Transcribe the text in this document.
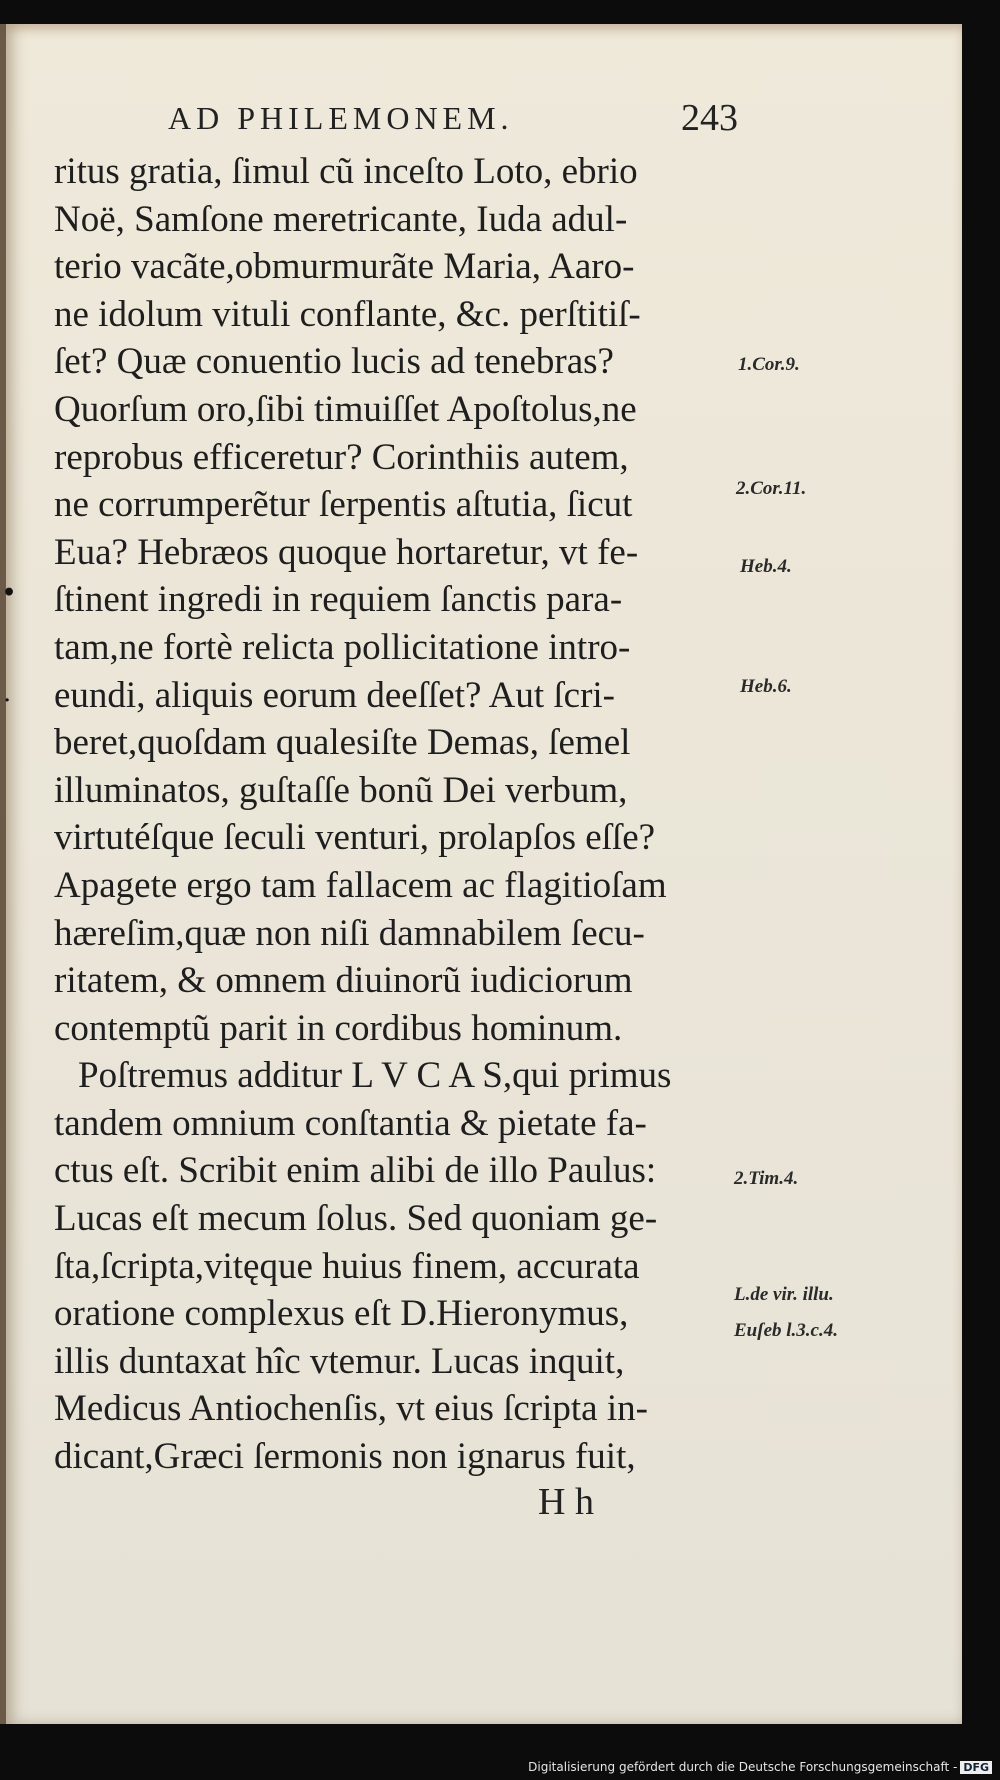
AD PHILEMONEM.	243
ritus gratia, ſimul cũ inceſto Loto, ebrio
Noë, Samſone meretricante, Iuda adul-
terio vacãte,obmurmurãte Maria, Aaro-
ne idolum vituli conflante, &c. perſtitiſ-
ſet? Quæ conuentio lucis ad tenebras?
Quorſum oro,ſibi timuiſſet Apoſtolus,ne
reprobus efficeretur? Corinthiis autem,
ne corrumperẽtur ſerpentis aſtutia, ſicut
Eua? Hebræos quoque hortaretur, vt fe-
ſtinent ingredi in requiem ſanctis para-
tam,ne fortè relicta pollicitatione intro-
eundi, aliquis eorum deeſſet? Aut ſcri-
beret,quoſdam qualesiſte Demas, ſemel
illuminatos, guſtaſſe bonũ Dei verbum,
virtutéſque ſeculi venturi, prolapſos eſſe?
Apagete ergo tam fallacem ac flagitioſam
hæreſim,quæ non niſi damnabilem ſecu-
ritatem, & omnem diuinorũ iudiciorum
contemptũ parit in cordibus hominum.
Poſtremus additur L V C A S,qui primus
tandem omnium conſtantia & pietate fa-
ctus eſt. Scribit enim alibi de illo Paulus:
Lucas eſt mecum ſolus. Sed quoniam ge-
ſta,ſcripta,vitęque huius finem, accurata
oratione complexus eſt D.Hieronymus,
illis duntaxat hîc vtemur. Lucas inquit,
Medicus Antiochenſis, vt eius ſcripta in-
dicant,Græci ſermonis non ignarus fuit,
1.Cor.9.
2.Cor.11.
Heb.4.
Heb.6.
2.Tim.4.
L.de vir. illu.
Euſeb l.3.c.4.
•
·
H h
Digitalisierung gefördert durch die Deutsche Forschungsgemeinschaft - DFG
